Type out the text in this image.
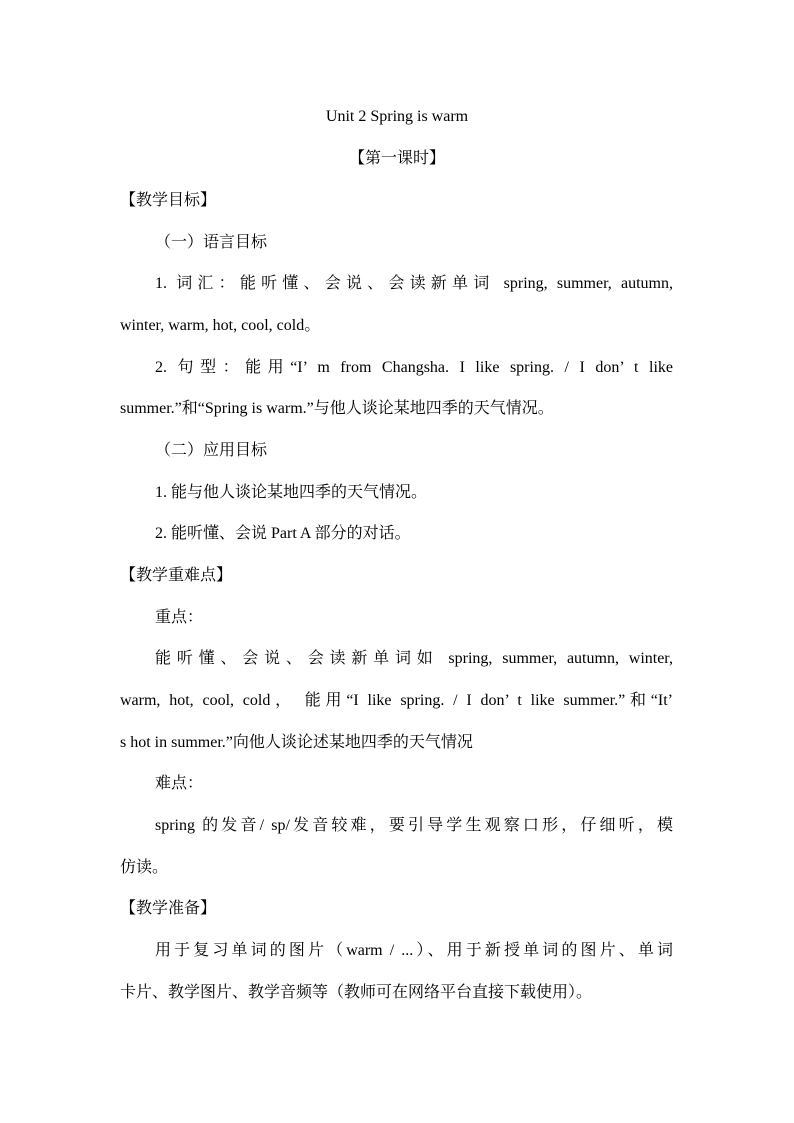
Unit 2 Spring is warm
【第一课时】
【教学目标】
（一）语言目标
1. 词汇：能听懂、会说、会读新单词 spring, summer, autumn,
winter, warm, hot, cool, cold。
2. 句型：能用“I’ m from Changsha. I like spring. / I don’ t like
summer.”和“Spring is warm.”与他人谈论某地四季的天气情况。
（二）应用目标
1. 能与他人谈论某地四季的天气情况。
2. 能听懂、会说 Part A 部分的对话。
【教学重难点】
重点：
能听懂、会说、会读新单词如 spring, summer, autumn, winter,
warm, hot, cool, cold， 能用“I like spring. / I don’ t like summer.”和“It’
s hot in summer.”向他人谈论述某地四季的天气情况
难点：
spring 的发音/ sp/发音较难，要引导学生观察口形，仔细听，模
仿读。
【教学准备】
用于复习单词的图片（warm / ...）、用于新授单词的图片、单词
卡片、教学图片、教学音频等（教师可在网络平台直接下载使用）。
